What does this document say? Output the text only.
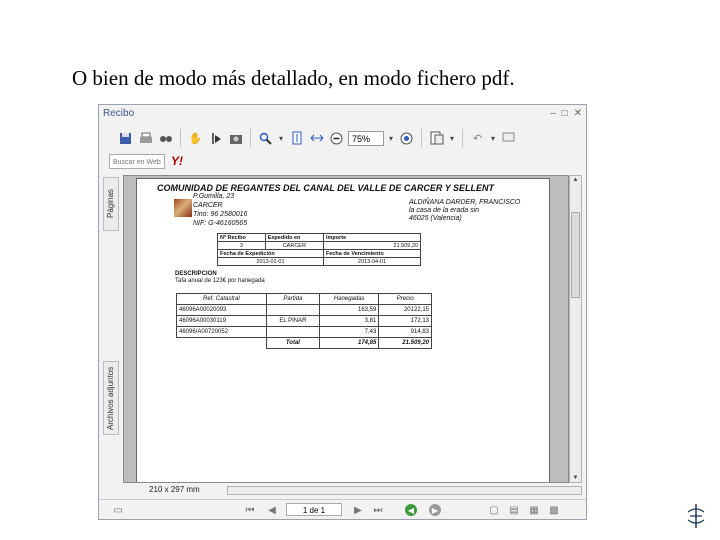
O bien de modo más detallado, en modo fichero pdf.
Recibo	– □ ✕
✋	▾	75%	▾	▾	↶	▾
Buscar en Web Y!
Páginas
Archivos adjuntos
COMUNIDAD DE REGANTES DEL CANAL DEL VALLE DE CARCER Y SELLENT
P.Gumilla, 23
CARCER
Tino: 96 2580016
NIF: G-46160565
ALDIÑANA DARDER, FRANCISCO
la casa de la erada sin
46025 (Valencia)
Nº Recibo	Expedido en	Importe
3	CARCER	21.509,20
Fecha de Expedición		Fecha de Vencimiento
2013-01-01		2013-04-01
DESCRIPCION
Tafa anual de 123€ por hanegada
Ref. Catastral	Partida	Hanegadas	Precio
46096A00020093		163,59	20122,15
46096A00030119	EL PINAR	3,81	172,13
46096/A00720052		7,43	914,83
	Total	174,85	21.509,20
▲
▼
210 x 297 mm
▭	⏮	◀	1 de 1	▶	⏭	◀	▶	▢ ▤ ▦ ▩
